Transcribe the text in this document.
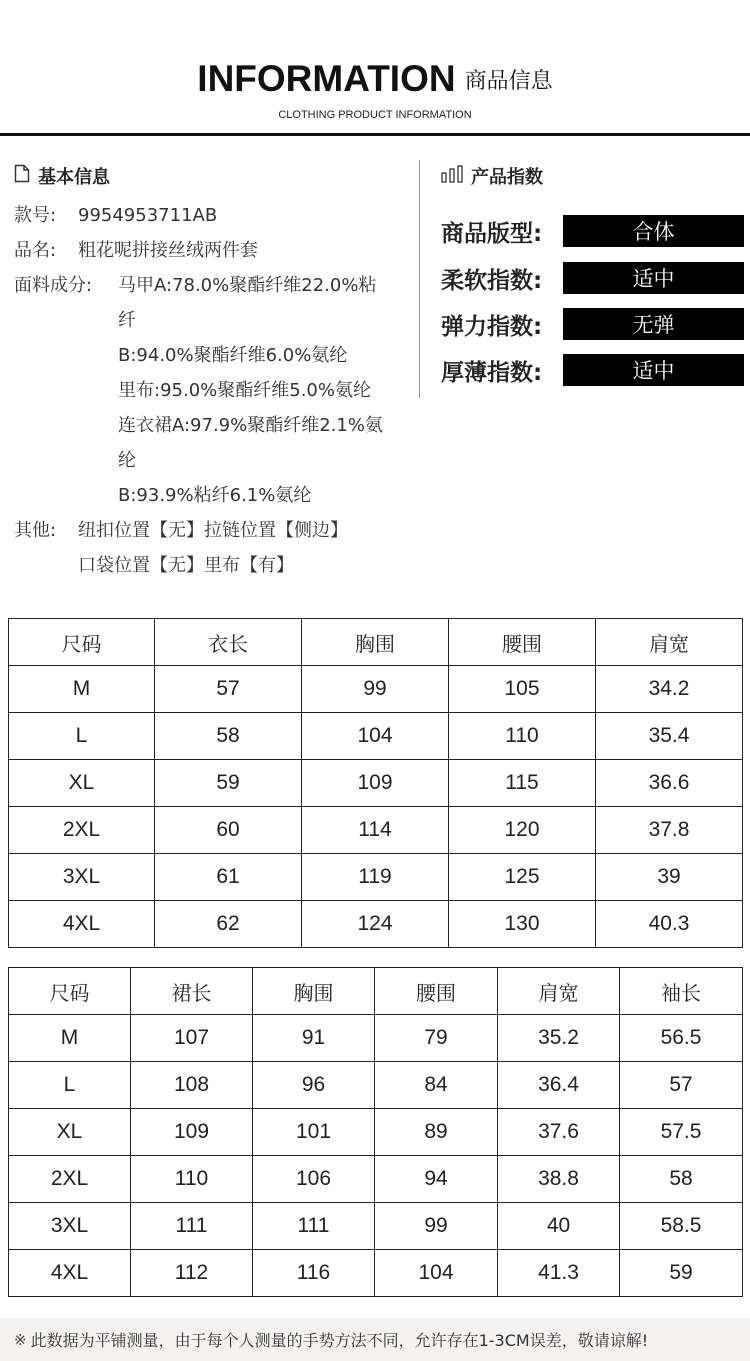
INFORMATION 商品信息
CLOTHING PRODUCT INFORMATION
基本信息
款号:	9954953711AB
品名:	粗花呢拼接丝绒两件套
面料成分:	马甲A:78.0%聚酯纤维22.0%粘
纤
B:94.0%聚酯纤维6.0%氨纶
里布:95.0%聚酯纤维5.0%氨纶
连衣裙A:97.9%聚酯纤维2.1%氨
纶
B:93.9%粘纤6.1%氨纶
其他:	纽扣位置【无】拉链位置【侧边】
口袋位置【无】里布【有】
产品指数
商品版型:	合体
柔软指数:	适中
弹力指数:	无弹
厚薄指数:	适中
尺码	衣长	胸围	腰围	肩宽
M	57	99	105	34.2
L	58	104	110	35.4
XL	59	109	115	36.6
2XL	60	114	120	37.8
3XL	61	119	125	39
4XL	62	124	130	40.3
尺码	裙长	胸围	腰围	肩宽	袖长
M	107	91	79	35.2	56.5
L	108	96	84	36.4	57
XL	109	101	89	37.6	57.5
2XL	110	106	94	38.8	58
3XL	111	111	99	40	58.5
4XL	112	116	104	41.3	59
※ 此数据为平铺测量，由于每个人测量的手势方法不同，允许存在1-3CM误差，敬请谅解!
